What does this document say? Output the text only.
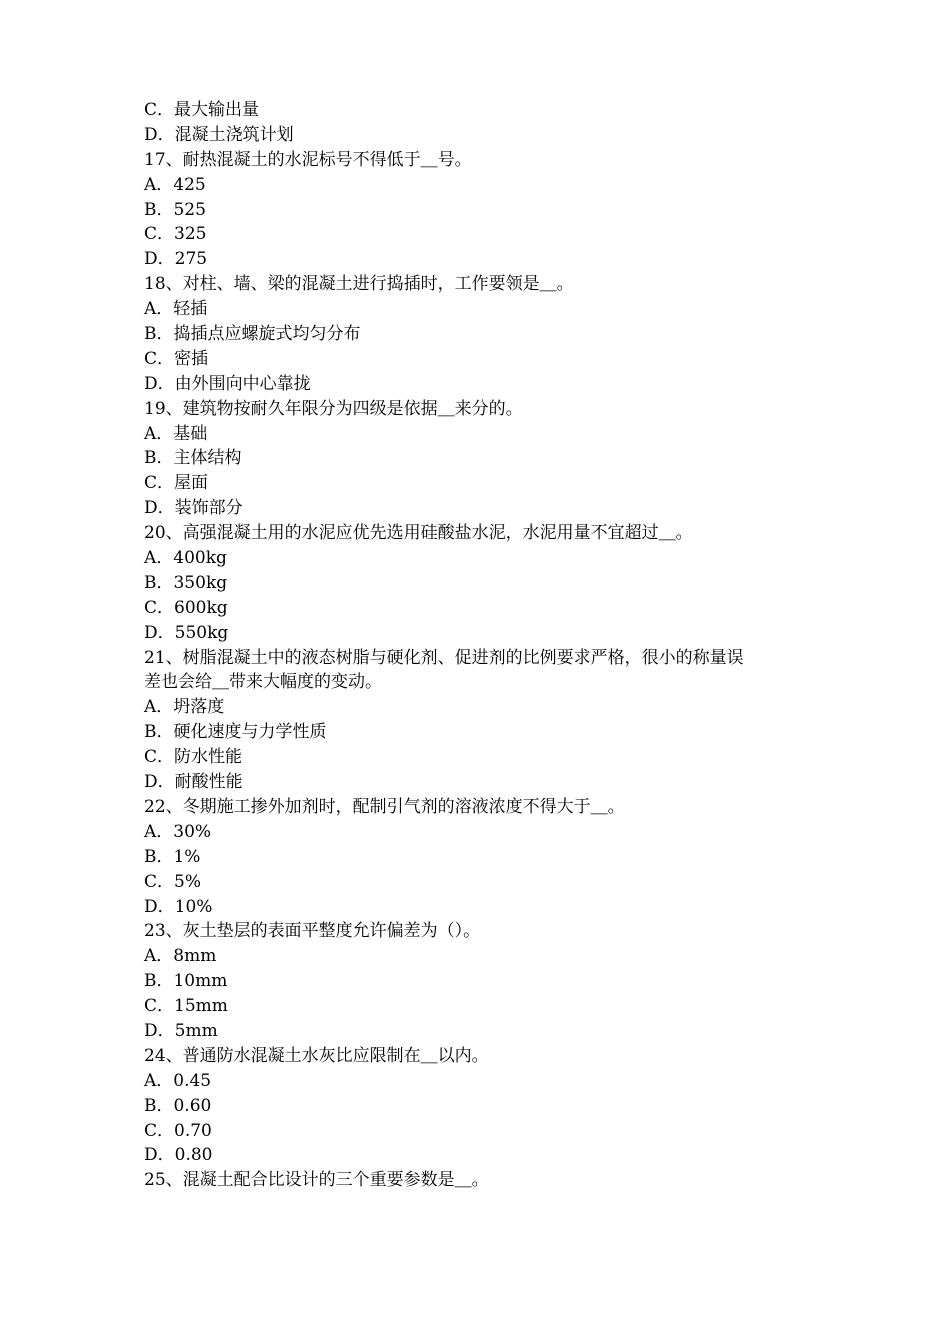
C．最大输出量
D．混凝土浇筑计划
17、耐热混凝土的水泥标号不得低于＿号。
A．425
B．525
C．325
D．275
18、对柱、墙、梁的混凝土进行捣插时，工作要领是＿。
A．轻插
B．捣插点应螺旋式均匀分布
C．密插
D．由外围向中心靠拢
19、建筑物按耐久年限分为四级是依据＿来分的。
A．基础
B．主体结构
C．屋面
D．装饰部分
20、高强混凝土用的水泥应优先选用硅酸盐水泥，水泥用量不宜超过＿。
A．400kg
B．350kg
C．600kg
D．550kg
21、树脂混凝土中的液态树脂与硬化剂、促进剂的比例要求严格，很小的称量误
差也会给＿带来大幅度的变动。
A．坍落度
B．硬化速度与力学性质
C．防水性能
D．耐酸性能
22、冬期施工掺外加剂时，配制引气剂的溶液浓度不得大于＿。
A．30%
B．1%
C．5%
D．10%
23、灰土垫层的表面平整度允许偏差为（）。
A．8mm
B．10mm
C．15mm
D．5mm
24、普通防水混凝土水灰比应限制在＿以内。
A．0.45
B．0.60
C．0.70
D．0.80
25、混凝土配合比设计的三个重要参数是＿。
